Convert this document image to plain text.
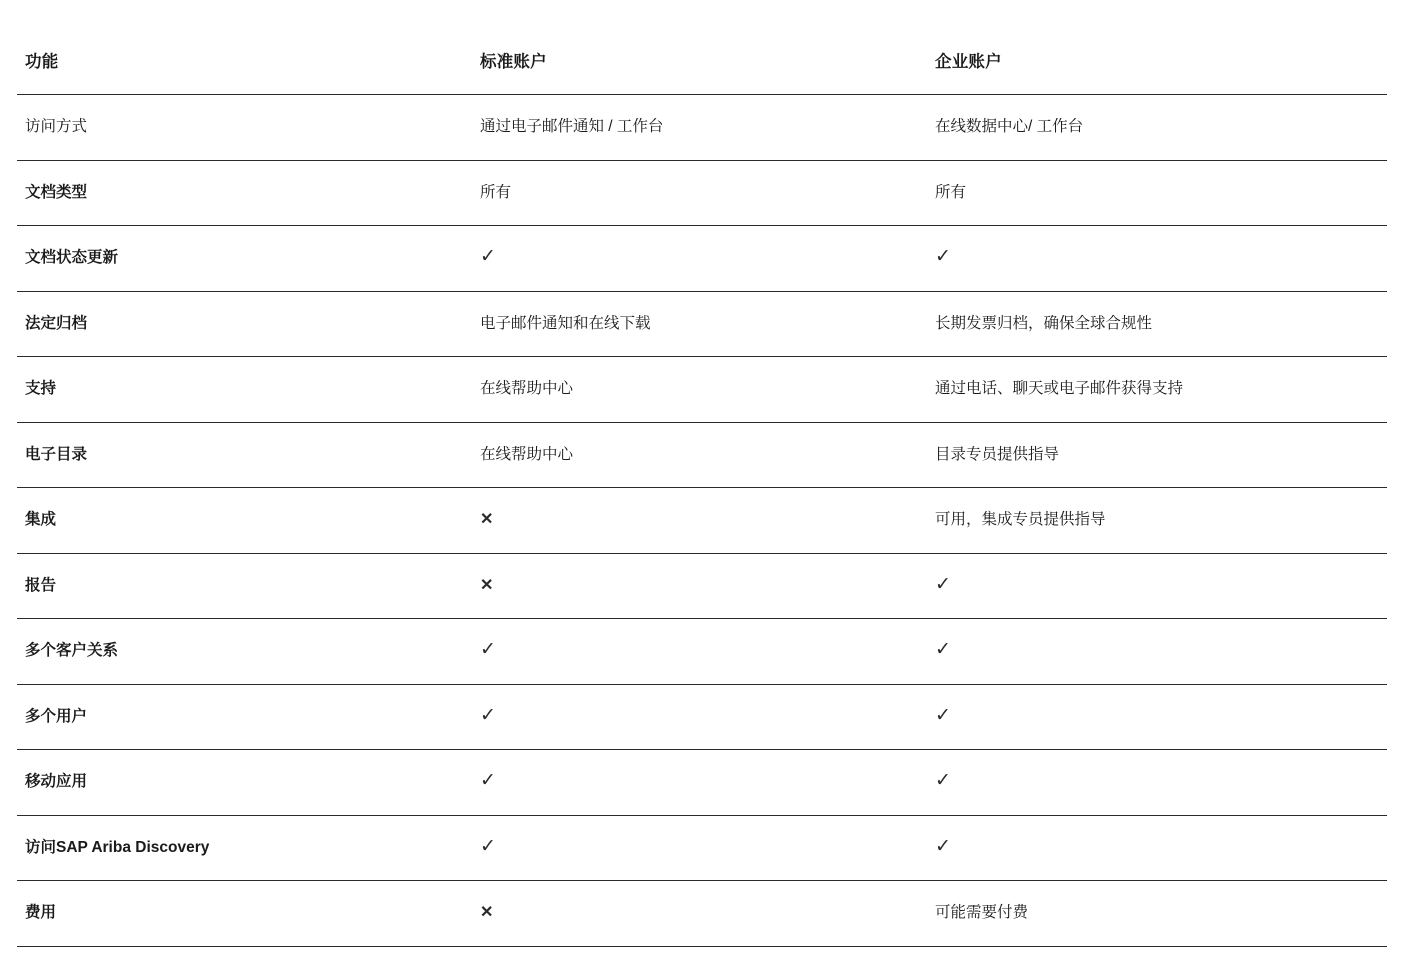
功能	标准账户	企业账户
访问方式	通过电子邮件通知 / 工作台	在线数据中心/ 工作台
文档类型	所有	所有
文档状态更新	✓	✓
法定归档	电子邮件通知和在线下载	长期发票归档，确保全球合规性
支持	在线帮助中心	通过电话、聊天或电子邮件获得支持
电子目录	在线帮助中心	目录专员提供指导
集成	✕	可用，集成专员提供指导
报告	✕	✓
多个客户关系	✓	✓
多个用户	✓	✓
移动应用	✓	✓
访问SAP Ariba Discovery	✓	✓
费用	✕	可能需要付费
